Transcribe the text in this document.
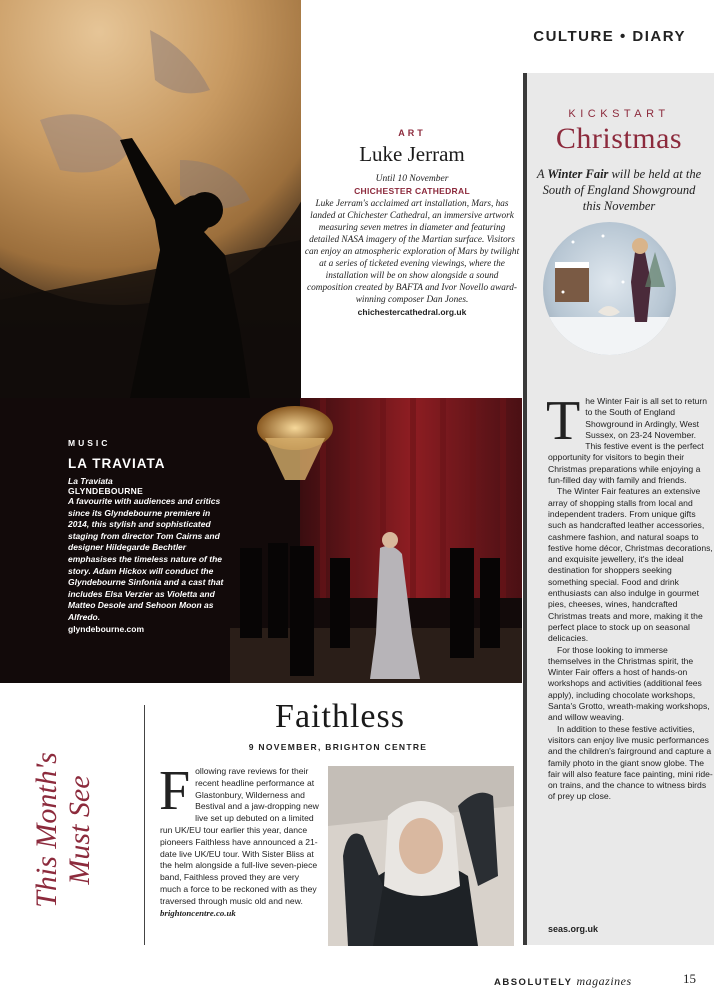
CULTURE • DIARY
ART
Luke Jerram
Until 10 November
CHICHESTER CATHEDRAL
Luke Jerram's acclaimed art installation, Mars, has landed at Chichester Cathedral, an immersive artwork measuring seven metres in diameter and featuring detailed NASA imagery of the Martian surface. Visitors can enjoy an atmospheric exploration of Mars by twilight at a series of ticketed evening viewings, where the installation will be on show alongside a sound composition created by BAFTA and Ivor Novello award-winning composer Dan Jones.
chichestercathedral.org.uk
KICKSTART
Christmas
A Winter Fair will be held at the South of England Showground this November

The Winter Fair is all set to return to the South of England Showground in Ardingly, West Sussex, on 23-24 November. This festive event is the perfect opportunity for visitors to begin their Christmas preparations while enjoying a fun-filled day with family and friends.

The Winter Fair features an extensive array of shopping stalls from local and independent traders. From unique gifts such as handcrafted leather accessories, cashmere fashion, and natural soaps to festive home décor, Christmas decorations, and exquisite jewellery, it's the ideal destination for shoppers seeking something special. Food and drink enthusiasts can also indulge in gourmet pies, cheeses, wines, handcrafted Christmas treats and more, making it the perfect place to stock up on seasonal delicacies.

For those looking to immerse themselves in the Christmas spirit, the Winter Fair offers a host of hands-on workshops and activities (additional fees apply), including chocolate workshops, Santa's Grotto, wreath-making workshops, and willow weaving.

In addition to these festive activities, visitors can enjoy live music performances and the children's fairground and capture a family photo in the giant snow globe. The fair will also feature face painting, mini ride-on trains, and the chance to witness birds of prey up close.

seas.org.uk
MUSIC
LA TRAVIATA
La Traviata
GLYNDEBOURNE
A favourite with audiences and critics since its Glyndebourne premiere in 2014, this stylish and sophisticated staging from director Tom Cairns and designer Hildegarde Bechtler emphasises the timeless nature of the story. Adam Hickox will conduct the Glyndebourne Sinfonia and a cast that includes Elsa Verzier as Violetta and Matteo Desole and Sehoon Moon as Alfredo.
glyndebourne.com
This Month's Must See
Faithless
9 NOVEMBER, BRIGHTON CENTRE
Following rave reviews for their recent headline performance at Glastonbury, Wilderness and Bestival and a jaw-dropping new live set up debuted on a limited run UK/EU tour earlier this year, dance pioneers Faithless have announced a 21-date live UK/EU tour. With Sister Bliss at the helm alongside a full-live seven-piece band, Faithless proved they are very much a force to be reckoned with as they traversed through music old and new.
brightoncentre.co.uk
ABSOLUTELY magazines	15
